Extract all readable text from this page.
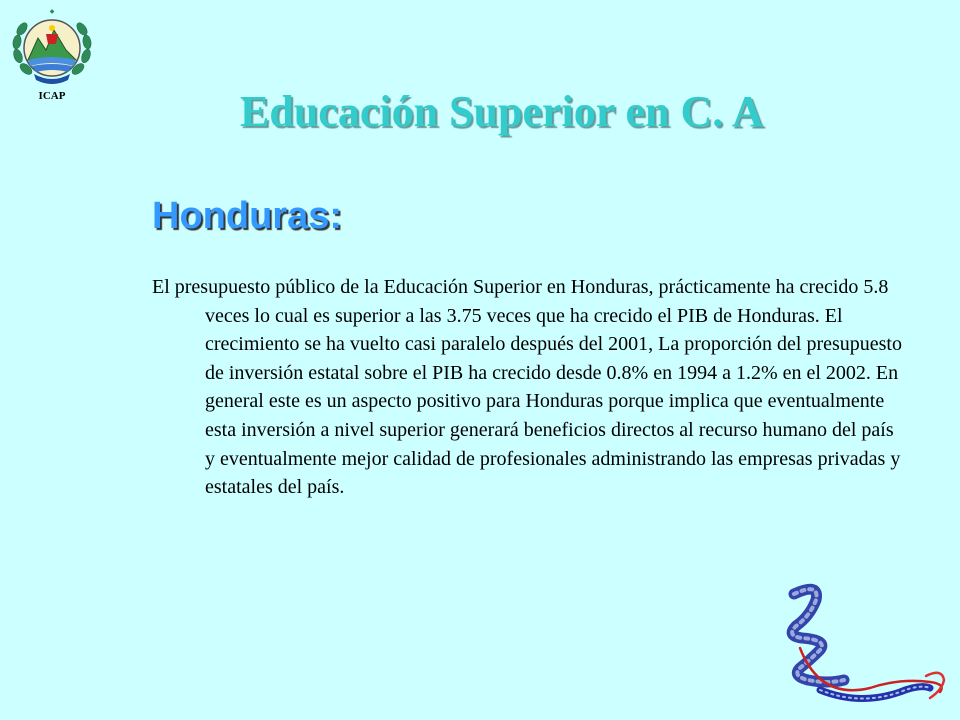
◆
ICAP	Educación Superior en C. A
Honduras:

El presupuesto público de la Educación Superior en Honduras, prácticamente ha crecido 5.8 veces lo cual es superior a las 3.75 veces que ha crecido el PIB de Honduras. El crecimiento se ha vuelto casi paralelo después del 2001, La proporción del presupuesto de inversión estatal sobre el PIB ha crecido desde 0.8% en 1994 a 1.2% en el 2002. En general este es un aspecto positivo para Honduras porque implica que eventualmente esta inversión a nivel superior generará beneficios directos al recurso humano del país y eventualmente mejor calidad de profesionales administrando las empresas privadas y estatales del país.
